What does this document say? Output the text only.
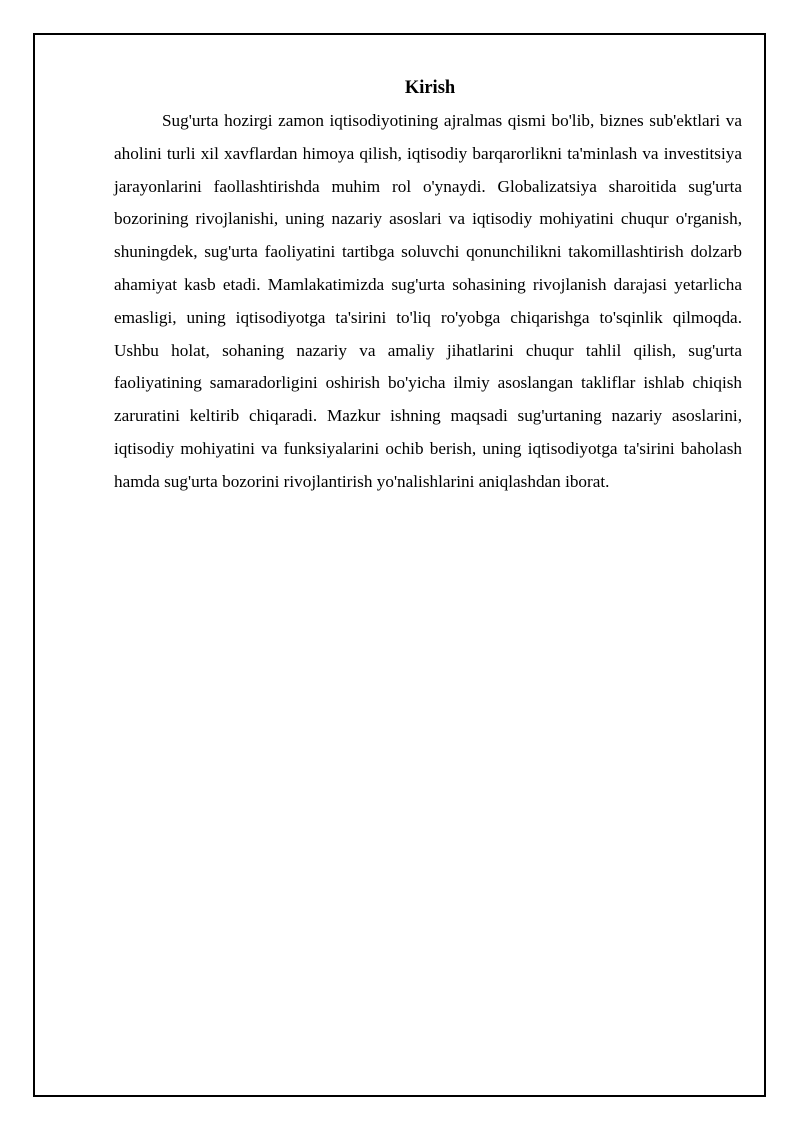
Kirish

Sug'urta hozirgi zamon iqtisodiyotining ajralmas qismi bo'lib, biznes sub'ektlari va aholini turli xil xavflardan himoya qilish, iqtisodiy barqarorlikni ta'minlash va investitsiya jarayonlarini faollashtirishda muhim rol o'ynaydi. Globalizatsiya sharoitida sug'urta bozorining rivojlanishi, uning nazariy asoslari va iqtisodiy mohiyatini chuqur o'rganish, shuningdek, sug'urta faoliyatini tartibga soluvchi qonunchilikni takomillashtirish dolzarb ahamiyat kasb etadi. Mamlakatimizda sug'urta sohasining rivojlanish darajasi yetarlicha emasligi, uning iqtisodiyotga ta'sirini to'liq ro'yobga chiqarishga to'sqinlik qilmoqda. Ushbu holat, sohaning nazariy va amaliy jihatlarini chuqur tahlil qilish, sug'urta faoliyatining samaradorligini oshirish bo'yicha ilmiy asoslangan takliflar ishlab chiqish zaruratini keltirib chiqaradi. Mazkur ishning maqsadi sug'urtaning nazariy asoslarini, iqtisodiy mohiyatini va funksiyalarini ochib berish, uning iqtisodiyotga ta'sirini baholash hamda sug'urta bozorini rivojlantirish yo'nalishlarini aniqlashdan iborat.
